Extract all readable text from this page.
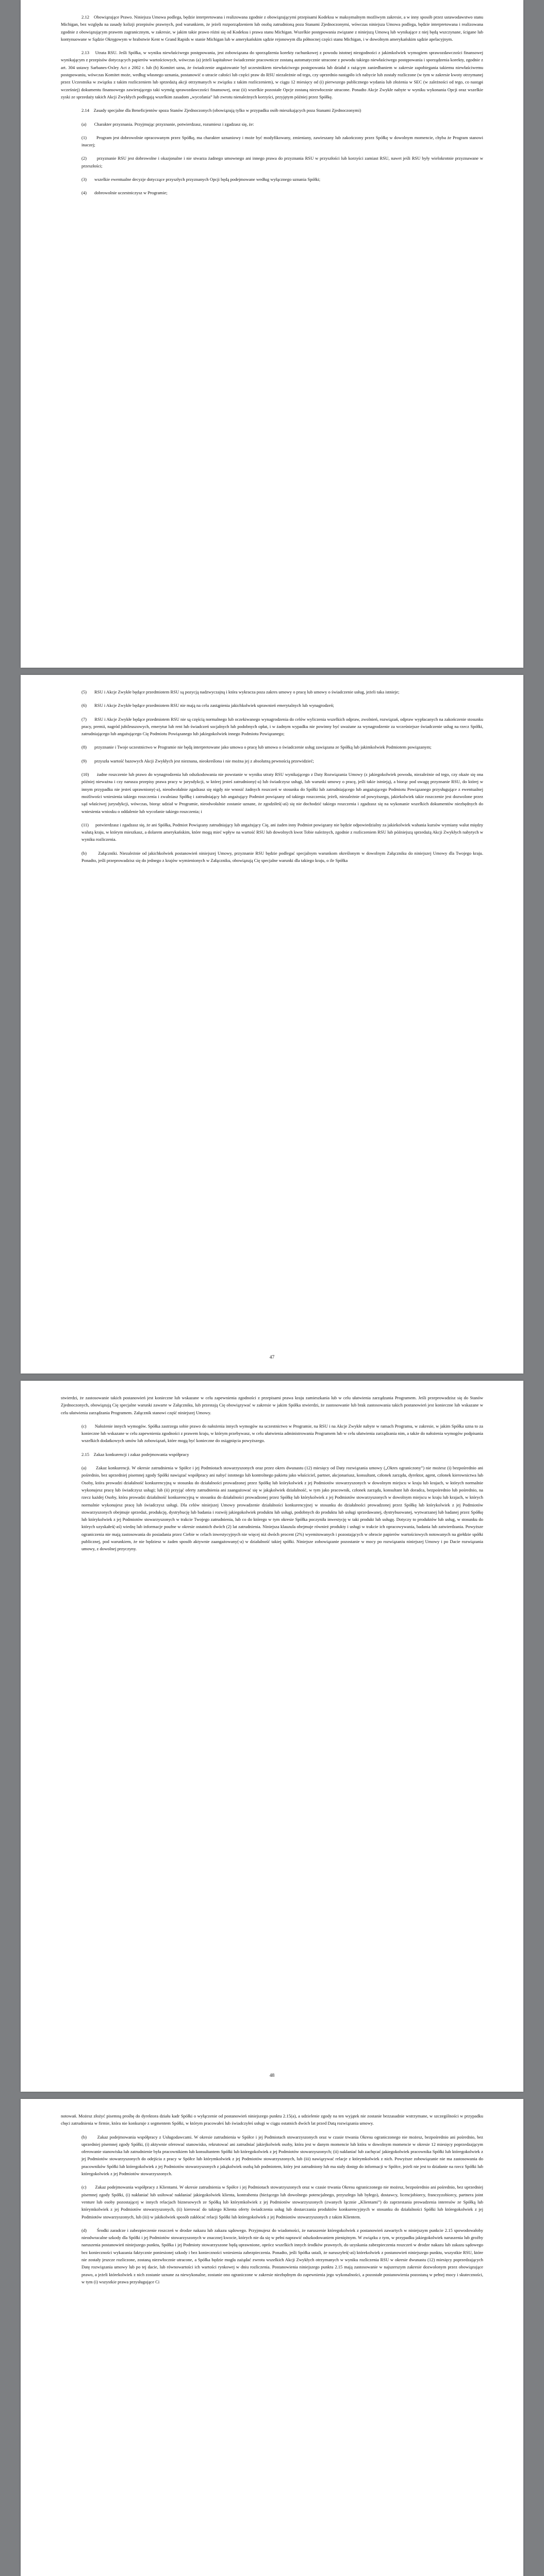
2.12    Obowiązujące Prawo. Niniejsza Umowa podlega, będzie interpretowana i realizowana zgodnie z obowiązującymi przepisami Kodeksu w maksymalnym możliwym zakresie, a w inny sposób przez ustawodawstwo stanu Michigan, bez względu na zasady kolizji przepisów prawnych, pod warunkiem, że jeżeli rozporządzeniem lub osobą zatrudnioną poza Stanami Zjednoczonymi, wówczas niniejsza Umowa podlega, będzie interpretowana i realizowana zgodnie z obowiązującym prawem zagranicznym, w zakresie, w jakim takie prawo różni się od Kodeksu i prawa stanu Michigan. Wszelkie postępowania związane z niniejszą Umową lub wynikające z niej będą wszczynane, ścigane lub kontynuowane w Sądzie Okręgowym w hrabstwie Kent w Grand Rapids w stanie Michigan lub w amerykańskim sądzie rejonowym dla północnej części stanu Michigan, i w dowolnym amerykańskim sądzie apelacyjnym.

2.13    Utrata RSU. Jeśli Spółka, w wyniku niewłaściwego postępowania, jest zobowiązana do sporządzenia korekty rachunkowej z powodu istotnej niezgodności z jakimkolwiek wymogiem sprawozdawczości finansowej wynikającym z przepisów dotyczących papierów wartościowych, wówczas (a) jeżeli kapitałowe świadczenie pracownicze zostaną automatycznie utracone z powodu takiego niewłaściwego postępowania i sporządzenia korekty, zgodnie z art. 304 ustawy Sarbanes-Oxley Act z 2002 r. lub (b) Komitet uzna, że świadczenie angażowanie był uczestnikiem niewłaściwego postępowania lub działał z rażącym zaniedbaniem w zakresie zapobiegania takiemu niewłaściwemu postępowaniu, wówczas Komitet może, według własnego uznania, postanowić o utracie całości lub części praw do RSU niezależnie od tego, czy uprzednio nastąpiło ich nabycie lub zostały rozliczone (w tym w zakresie kwoty otrzymanej przez Uczestnika w związku z takim rozliczeniem lub sprzedażą akcji otrzymanych w związku z takim rozliczeniem), w ciągu 12 miesięcy od (i) pierwszego publicznego wydania lub złożenia w SEC (w zależności od tego, co nastąpi wcześniej) dokumentu finansowego zawierającego taki wymóg sprawozdawczości finansowej, oraz (ii) wszelkie pozostałe Opcje zostaną niezwłocznie utracone. Ponadto Akcje Zwykłe nabyte w wyniku wykonania Opcji oraz wszelkie zyski ze sprzedaży takich Akcji Zwykłych podlegają wszelkim zasadom „wycofania” lub zwrotu nienależnych korzyści, przyjętym później przez Spółkę.

2.14    Zasady specjalne dla Beneficjentów spoza Stanów Zjednoczonych (obowiązują tylko w przypadku osób mieszkających poza Stanami Zjednoczonymi)

(a)       Charakter przyznania. Przyjmując przyznanie, potwierdzasz, rozumiesz i zgadzasz się, że:

(1)       Program jest dobrowolnie opracowanym przez Spółkę, ma charakter uznaniowy i może być modyfikowany, zmieniany, zawieszany lub zakończony przez Spółkę w dowolnym momencie, chyba że Program stanowi inaczej;

(2)       przyznanie RSU jest dobrowolne i okazjonalne i nie stwarza żadnego umownego ani innego prawa do przyznania RSU w przyszłości lub korzyści zamiast RSU, nawet jeśli RSU były wielokrotnie przyznawane w przeszłości;

(3)       wszelkie ewentualne decyzje dotyczące przyszłych przyznanych Opcji będą podejmowane według wyłącznego uznania Spółki;

(4)       dobrowolnie uczestniczysz w Programie;

(5)       RSU i Akcje Zwykłe będące przedmiotem RSU są pozycją nadzwyczajną i która wykracza poza zakres umowy o pracę lub umowy o świadczenie usług, jeżeli taka istnieje;

(6)       RSU i Akcje Zwykłe będące przedmiotem RSU nie mają na celu zastąpienia jakichkolwiek uprawnień emerytalnych lub wynagrodzeń;

(7)       RSU i Akcje Zwykłe będące przedmiotem RSU nie są częścią normalnego lub oczekiwanego wynagrodzenia do celów wyliczenia wszelkich odpraw, zwolnień, rozwiązań, odpraw wypłacanych na zakończenie stosunku pracy, premii, nagród jubileuszowych, emerytur lub rent lub świadczeń socjalnych lub podobnych opłat, i w żadnym wypadku nie powinny być uważane za wynagrodzenie za wcześniejsze świadczenie usług na rzecz Spółki, zatrudniającego lub angażującego Cię Podmiotu Powiązanego lub jakiegokolwiek innego Podmiotu Powiązanego;

(8)       przyznanie i Twoje uczestnictwo w Programie nie będą interpretowane jako umowa o pracę lub umowa o świadczenie usług zawiązana ze Spółką lub jakimkolwiek Podmiotem powiązanym;

(9)       przyszła wartość bazowych Akcji Zwykłych jest nieznana, nieokreślona i nie można jej z absolutną pewnością przewidzieć;

(10)      żadne roszczenie lub prawo do wynagrodzenia lub odszkodowania nie powstanie w wyniku utraty RSU wynikającego z Daty Rozwiązania Umowy (z jakiegokolwiek powodu, niezależnie od tego, czy okaże się ona później nieważna i czy narusza przepisy prawa pracy w jurysdykcji, w której jesteś zatrudniony(-a) lub świadczysz usługi, lub warunki umowy o pracę, jeśli takie istnieją), a biorąc pod uwagę przyznanie RSU, do której w innym przypadku nie jesteś uprawniony(-a), nieodwołalnie zgadzasz się nigdy nie wnosić żadnych roszczeń w stosunku do Spółki lub zatrudniającego lub angażującego Podmiotu Powiązanego przysługujące z ewentualnej możliwości wniesienia takiego roszczenia i zwalniasz Spółkę i zatrudniający lub angażujący Podmiot powiązany od takiego roszczenia; jeżeli, niezależnie od powyższego, jakiekolwiek takie roszczenie jest dozwolone przez sąd właściwej jurysdykcji, wówczas, biorąc udział w Programie, nieodwołalnie zostanie uznane, że zgodziłeś(-aś) się nie dochodzić takiego roszczenia i zgadzasz się na wykonanie wszelkich dokumentów niezbędnych do wniesienia wniosku o oddalenie lub wycofanie takiego roszczenia; i

(11)      potwierdzasz i zgadzasz się, że ani Spółka, Podmiot Powiązany zatrudniający lub angażujący Cię, ani żaden inny Podmiot powiązany nie będzie odpowiedzialny za jakiekolwiek wahania kursów wymiany walut między walutą kraju, w którym mieszkasz, a dolarem amerykańskim, które mogą mieć wpływ na wartość RSU lub dowolnych kwot Tobie należnych, zgodnie z rozliczeniem RSU lub późniejszą sprzedażą Akcji Zwykłych nabytych w wyniku rozliczenia.

(b)       Załączniki. Niezależnie od jakichkolwiek postanowień niniejszej Umowy, przyznanie RSU będzie podlegać specjalnym warunkom określonym w dowolnym Załączniku do niniejszej Umowy dla Twojego kraju. Ponadto, jeśli przeprowadzisz się do jednego z krajów wymienionych w Załączniku, obowiązują Cię specjalne warunki dla takiego kraju, o ile Spółka

47

stwierdzi, że zastosowanie takich postanowień jest konieczne lub wskazane w celu zapewnienia zgodności z przepisami prawa kraju zamieszkania lub w celu ułatwienia zarządzania Programem. Jeśli przeprowadzisz się do Stanów Zjednoczonych, obowiązują Cię specjalne warunki zawarte w Załączniku, lub przestają Cię obowiązywać w zakresie w jakim Spółka stwierdzi, że zastosowanie lub brak zastosowania takich postanowień jest konieczne lub wskazane w celu ułatwienia zarządzania Programem. Załącznik stanowi część niniejszej Umowy.

(c)       Nałożenie innych wymogów. Spółka zastrzega sobie prawo do nałożenia innych wymogów na uczestnictwo w Programie, na RSU i na Akcje Zwykłe nabyte w ramach Programu, w zakresie, w jakim Spółka uzna to za konieczne lub wskazane w celu zapewnienia zgodności z prawem kraju, w którym przebywasz, w celu ułatwienia administrowania Programem lub w celu ułatwienia zarządzania nim, a także do nałożenia wymogów podpisania wszelkich dodatkowych umów lub zobowiązań, które mogą być konieczne do osiągnięcia powyższego.

2.15    Zakaz konkurencji i zakaz podejmowania współpracy

(a)       Zakaz konkurencji. W okresie zatrudnienia w Spółce i jej Podmiotach stowarzyszonych oraz przez okres dwunastu (12) miesięcy od Daty rozwiązania umowy („Okres ograniczony”) nie możesz (i) bezpośrednio ani pośrednio, bez uprzedniej pisemnej zgody Spółki nawiązać współpracy ani nabyć istotnego lub kontrolnego pakietu jako właściciel, partner, akcjonariusz, konsultant, członek zarządu, dyrektor, agent, członek kierownictwa lub Osoby, która prowadzi działalność konkurencyjną w stosunku do działalności prowadzonej przez Spółkę lub którykolwiek z jej Podmiotów stowarzyszonych w dowolnym miejscu w kraju lub krajach, w których normalnie wykonujesz pracę lub świadczysz usługi; lub (ii) przyjąć oferty zatrudnienia ani zaangażować się w jakąkolwiek działalność, w tym jako pracownik, członek zarządu, konsultant lub doradca, bezpośrednio lub pośrednio, na rzecz każdej Osoby, która prowadzi działalność konkurencyjną w stosunku do działalności prowadzonej przez Spółkę lub którykolwiek z jej Podmiotów stowarzyszonych w dowolnym miejscu w kraju lub krajach, w których normalnie wykonujesz pracę lub świadczysz usługi. Dla celów niniejszej Umowy prowadzenie działalności konkurencyjnej w stosunku do działalności prowadzonej przez Spółkę lub którykolwiek z jej Podmiotów stowarzyszonych obejmuje sprzedaż, produkcję, dystrybucję lub badania i rozwój jakiegokolwiek produktu lub usługi, podobnych do produktu lub usługi sprzedawanej, dystrybuowanej, wytwarzanej lub badanej przez Spółkę lub którykolwiek z jej Podmiotów stowarzyszonych w trakcie Twojego zatrudnienia, lub co do którego w tym okresie Spółka poczyniła inwestycję w taki produkt lub usługę. Dotyczy to produktów lub usług, w stosunku do których uzyskałeś(-aś) wiedzę lub informacje poufne w okresie ostatnich dwóch (2) lat zatrudnienia. Niniejsza klauzula obejmuje również produkty i usługi w trakcie ich opracowywania, badania lub zatwierdzania. Powyższe ograniczenia nie mają zastosowania do posiadania przez Ciebie w celach inwestycyjnych nie więcej niż dwóch procent (2%) wyemitowanych i pozostających w obrocie papierów wartościowych notowanych na giełdzie spółki publicznej, pod warunkiem, że nie będziesz w żaden sposób aktywnie zaangażowany(-a) w działalność takiej spółki. Niniejsze zobowiązanie pozostanie w mocy po rozwiązaniu niniejszej Umowy i po Dacie rozwiązania umowy, z dowolnej przyczyny.

48

notowań. Możesz złożyć pisemną prośbę do dyrektora działu kadr Spółki o wyłączenie od postanowień niniejszego punktu 2.15(a), a udzielenie zgody na ten wyjątek nie zostanie bezzasadnie wstrzymane, w szczególności w przypadku chęci zatrudnienia w firmie, która nie konkuruje z segmentem Spółki, w którym pracowałeś lub świadczyłeś usługi w ciągu ostatnich dwóch lat przed Datą rozwiązania umowy.

(b)       Zakaz podejmowania współpracy z Usługodawcami. W okresie zatrudnienia w Spółce i jej Podmiotach stowarzyszonych oraz w czasie trwania Okresu ograniczonego nie możesz, bezpośrednio ani pośrednio, bez uprzedniej pisemnej zgody Spółki, (i) aktywnie oferować stanowisko, rekrutować ani zatrudniać jakiejkolwiek osoby, która jest w danym momencie lub która w dowolnym momencie w okresie 12 miesięcy poprzedzającym oferowanie stanowiska lub zatrudnienie była pracownikiem lub konsultantem Spółki lub któregokolwiek z jej Podmiotów stowarzyszonych; (ii) nakłaniać lub zachęcać jakiegokolwiek pracownika Spółki lub któregokolwiek z jej Podmiotów stowarzyszonych do odejścia z pracy w Spółce lub którymkolwiek z jej Podmiotów stowarzyszonych, lub (iii) nawiązywać relacje z którymkolwiek z nich. Powyższe zobowiązanie nie ma zastosowania do pracowników Spółki lub któregokolwiek z jej Podmiotów stowarzyszonych z jakąkolwiek osobą lub podmiotem, który jest zatrudniony lub ma stały dostęp do informacji w Spółce, jeżeli nie jest to działanie na rzecz Spółki lub któregokolwiek z jej Podmiotów stowarzyszonych.

(c)       Zakaz podejmowania współpracy z Klientami. W okresie zatrudnienia w Spółce i jej Podmiotach stowarzyszonych oraz w czasie trwania Okresu ograniczonego nie możesz, bezpośrednio ani pośrednio, bez uprzedniej pisemnej zgody Spółki, (i) nakłaniać lub usiłować nakłaniać jakiegokolwiek klienta, kontrahenta (bieżącego lub dowolnego potencjalnego, przyszłego lub byłego), dostawcy, licencjobiorcy, franczyzobiorcy, partnera joint venture lub osoby pozostającej w innych relacjach biznesowych ze Spółką lub którymkolwiek z jej Podmiotów stowarzyszonych (zwanych łącznie „Klientami”) do zaprzestania prowadzenia interesów ze Spółką lub którymkolwiek z jej Podmiotów stowarzyszonych, (ii) kierować do takiego Klienta oferty świadczenia usług lub dostarczania produktów konkurencyjnych w stosunku do działalności Spółki lub któregokolwiek z jej Podmiotów stowarzyszonych, lub (iii) w jakikolwiek sposób zakłócać relacji Spółki lub któregokolwiek z jej Podmiotów stowarzyszonych z takim Klientem.

(d)       Środki zaradcze i zabezpieczenie roszczeń w drodze nakazu lub zakazu sądowego. Przyjmujesz do wiadomości, że naruszenie któregokolwiek z postanowień zawartych w niniejszym punkcie 2.15 spowodowałoby nieodwracalne szkody dla Spółki i jej Podmiotów stowarzyszonych w znacznej kwocie, których nie da się w pełni naprawić odszkodowaniem pieniężnym. W związku z tym, w przypadku jakiegokolwiek naruszenia lub groźby naruszenia postanowień niniejszego punktu, Spółka i jej Podmioty stowarzyszone będą uprawnione, oprócz wszelkich innych środków prawnych, do uzyskania zabezpieczenia roszczeń w drodze nakazu lub zakazu sądowego bez konieczności wykazania faktycznie poniesionej szkody i bez konieczności wniesienia zabezpieczenia. Ponadto, jeśli Spółka ustali, że naruszyłeś(-aś) którekolwiek z postanowień niniejszego punktu, wszystkie RSU, które nie zostały jeszcze rozliczone, zostaną niezwłocznie utracone, a Spółka będzie mogła zażądać zwrotu wszelkich Akcji Zwykłych otrzymanych w wyniku rozliczenia RSU w okresie dwunastu (12) miesięcy poprzedzających Datę rozwiązania umowy lub po tej dacie, lub równowartości ich wartości rynkowej w dniu rozliczenia. Postanowienia niniejszego punktu 2.15 mają zastosowanie w najszerszym zakresie dozwolonym przez obowiązujące prawo, a jeżeli którekolwiek z nich zostanie uznane za niewykonalne, zostanie ono ograniczone w zakresie niezbędnym do zapewnienia jego wykonalności, a pozostałe postanowienia pozostaną w pełnej mocy i skuteczności, w tym (i) wszystkie prawa przysługujące Ci
